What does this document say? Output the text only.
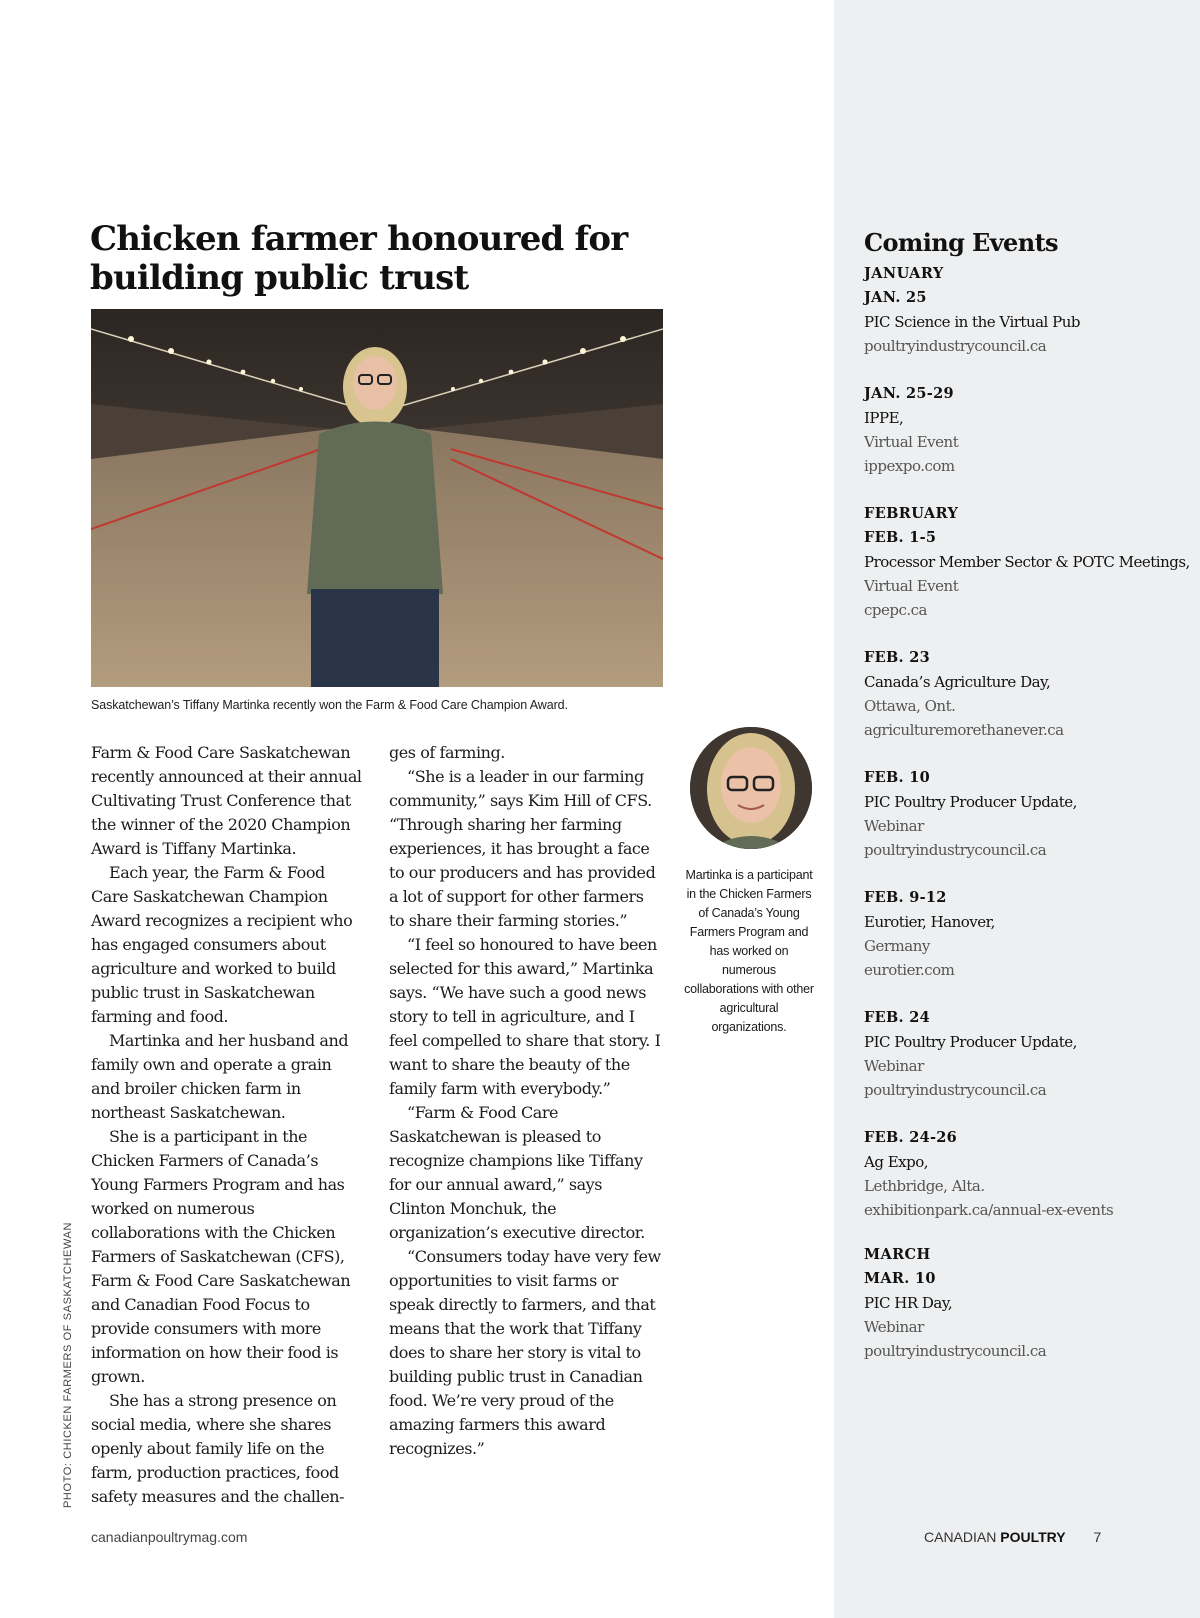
Chicken farmer honoured for building public trust
Saskatchewan’s Tiffany Martinka recently won the Farm & Food Care Champion Award.

Farm & Food Care Saskatchewan recently announced at their annual Cultivating Trust Conference that the winner of the 2020 Champion Award is Tiffany Martinka.

Each year, the Farm & Food Care Saskatchewan Champion Award recognizes a recipient who has engaged consumers about agriculture and worked to build public trust in Saskatchewan farming and food.

Martinka and her husband and family own and operate a grain and broiler chicken farm in northeast Saskatchewan.

She is a participant in the Chicken Farmers of Canada’s Young Farmers Program and has worked on numerous collaborations with the Chicken Farmers of Saskatchewan (CFS), Farm & Food Care Saskatchewan and Canadian Food Focus to provide consumers with more information on how their food is grown.

She has a strong presence on social media, where she shares openly about family life on the farm, production practices, food safety measures and the challen-

ges of farming.

“She is a leader in our farming community,” says Kim Hill of CFS. “Through sharing her farming experiences, it has brought a face to our producers and has provided a lot of support for other farmers to share their farming stories.”

“I feel so honoured to have been selected for this award,” Martinka says. “We have such a good news story to tell in agriculture, and I feel compelled to share that story. I want to share the beauty of the family farm with everybody.”

“Farm & Food Care Saskatchewan is pleased to recognize champions like Tiffany for our annual award,” says Clinton Monchuk, the organization’s executive director.

“Consumers today have very few opportunities to visit farms or speak directly to farmers, and that means that the work that Tiffany does to share her story is vital to building public trust in Canadian food. We’re very proud of the amazing farmers this award recognizes.”

Martinka is a participant in the Chicken Farmers of Canada’s Young Farmers Program and has worked on numerous collaborations with other agricultural organizations.
PHOTO: CHICKEN FARMERS OF SASKATCHEWAN
Coming Events
JANUARY
JAN. 25
PIC Science in the Virtual Pub
poultryindustrycouncil.ca
JAN. 25-29
IPPE,
Virtual Event
ippexpo.com
FEBRUARY
FEB. 1-5
Processor Member Sector & POTC Meetings,
Virtual Event
cpepc.ca
FEB. 23
Canada’s Agriculture Day,
Ottawa, Ont.
agriculturemorethanever.ca
FEB. 10
PIC Poultry Producer Update,
Webinar
poultryindustrycouncil.ca
FEB. 9-12
Eurotier, Hanover,
Germany
eurotier.com
FEB. 24
PIC Poultry Producer Update,
Webinar
poultryindustrycouncil.ca
FEB. 24-26
Ag Expo,
Lethbridge, Alta.
exhibitionpark.ca/annual-ex-events
MARCH
MAR. 10
PIC HR Day,
Webinar
poultryindustrycouncil.ca
canadianpoultrymag.com	CANADIAN POULTRY 7
